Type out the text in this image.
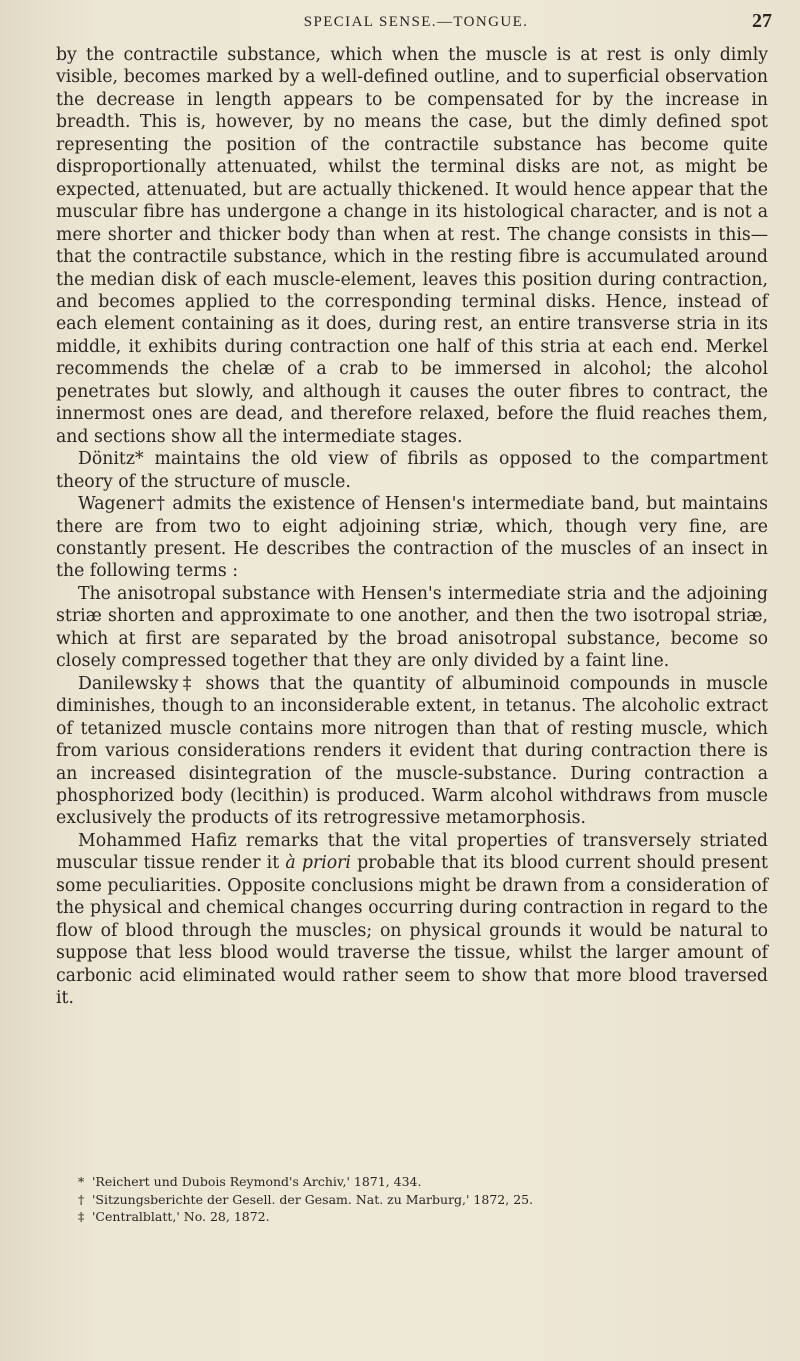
SPECIAL SENSE.—TONGUE.	27

by the contractile substance, which when the muscle is at rest is only dimly visible, becomes marked by a well-defined outline, and to superficial observation the decrease in length appears to be compensated for by the increase in breadth. This is, however, by no means the case, but the dimly defined spot representing the position of the contractile substance has become quite disproportionally attenuated, whilst the terminal disks are not, as might be expected, attenuated, but are actually thickened. It would hence appear that the muscular fibre has undergone a change in its histological character, and is not a mere shorter and thicker body than when at rest. The change consists in this—that the contractile substance, which in the resting fibre is accumulated around the median disk of each muscle-element, leaves this position during contraction, and becomes applied to the corresponding terminal disks. Hence, instead of each element containing as it does, during rest, an entire transverse stria in its middle, it exhibits during contraction one half of this stria at each end. Merkel recommends the chelæ of a crab to be immersed in alcohol; the alcohol penetrates but slowly, and although it causes the outer fibres to contract, the innermost ones are dead, and therefore relaxed, before the fluid reaches them, and sections show all the intermediate stages.

Dönitz* maintains the old view of fibrils as opposed to the compartment theory of the structure of muscle.

Wagener† admits the existence of Hensen's intermediate band, but maintains there are from two to eight adjoining striæ, which, though very fine, are constantly present. He describes the contraction of the muscles of an insect in the following terms :

The anisotropal substance with Hensen's intermediate stria and the adjoining striæ shorten and approximate to one another, and then the two isotropal striæ, which at first are separated by the broad anisotropal substance, become so closely compressed together that they are only divided by a faint line.

Danilewsky‡ shows that the quantity of albuminoid compounds in muscle diminishes, though to an inconsiderable extent, in tetanus. The alcoholic extract of tetanized muscle contains more nitrogen than that of resting muscle, which from various considerations renders it evident that during contraction there is an increased disintegration of the muscle-substance. During contraction a phosphorized body (lecithin) is produced. Warm alcohol withdraws from muscle exclusively the products of its retrogressive metamorphosis.

Mohammed Hafiz remarks that the vital properties of transversely striated muscular tissue render it à priori probable that its blood current should present some peculiarities. Opposite conclusions might be drawn from a consideration of the physical and chemical changes occurring during contraction in regard to the flow of blood through the muscles; on physical grounds it would be natural to suppose that less blood would traverse the tissue, whilst the larger amount of carbonic acid eliminated would rather seem to show that more blood traversed it.

* 'Reichert und Dubois Reymond's Archiv,' 1871, 434.

† 'Sitzungsberichte der Gesell. der Gesam. Nat. zu Marburg,' 1872, 25.

‡ 'Centralblatt,' No. 28, 1872.
